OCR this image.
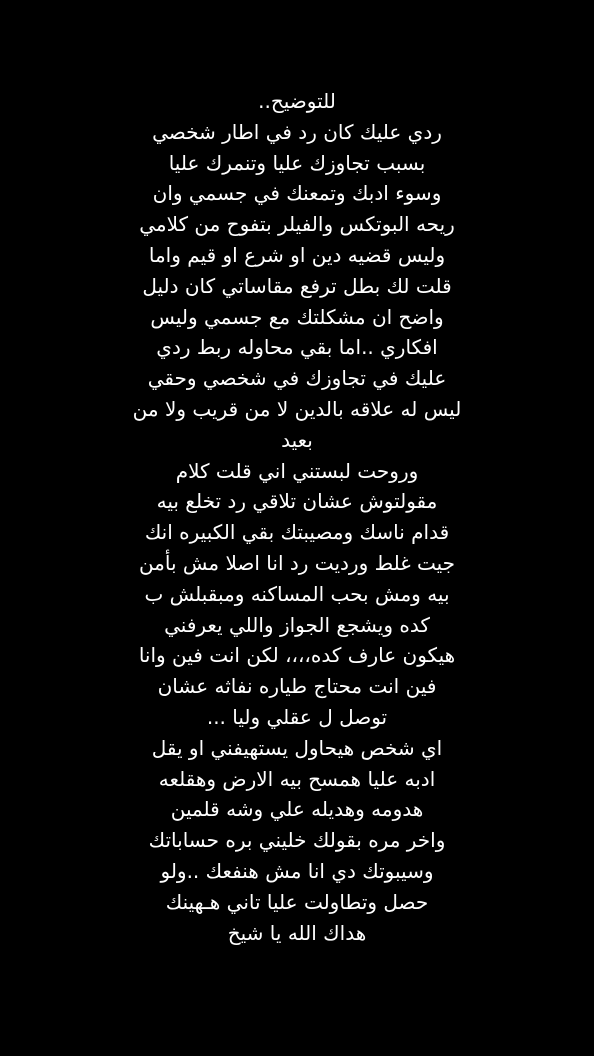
للتوضيح..
ردي عليك كان رد في اطار شخصي
بسبب تجاوزك عليا وتنمرك عليا
وسوء ادبك وتمعنك في جسمي وان
ريحه البوتكس والفيلر بتفوح من كلامي
وليس قضيه دين او شرع او قيم واما
قلت لك بطل ترفع مقاساتي كان دليل
واضح ان مشكلتك مع جسمي وليس
افكاري ..اما بقي محاوله ربط ردي
عليك في تجاوزك في شخصي وحقي
ليس له علاقه بالدين لا من قريب ولا من
بعيد
وروحت لبستني اني قلت كلام
مقولتوش عشان تلاقي رد تخلع بيه
قدام ناسك ومصيبتك بقي الكبيره انك
جيت غلط ورديت رد انا اصلا مش بأمن
بيه ومش بحب المساكنه ومبقبلش ب
كده ويشجع الجواز واللي يعرفني
هيكون عارف كده،،،، لكن انت فين وانا
فين انت محتاج طياره نفاثه عشان
توصل ل عقلي وليا ...
اي شخص هيحاول يستهيفني او يقل
ادبه عليا همسح بيه الارض وهقلعه
هدومه وهديله علي وشه قلمين
واخر مره بقولك خليني بره حساباتك
وسيبوتك دي انا مش هنفعك ..ولو
حصل وتطاولت عليا تاني هـهينك
هداك الله يا شيخ
